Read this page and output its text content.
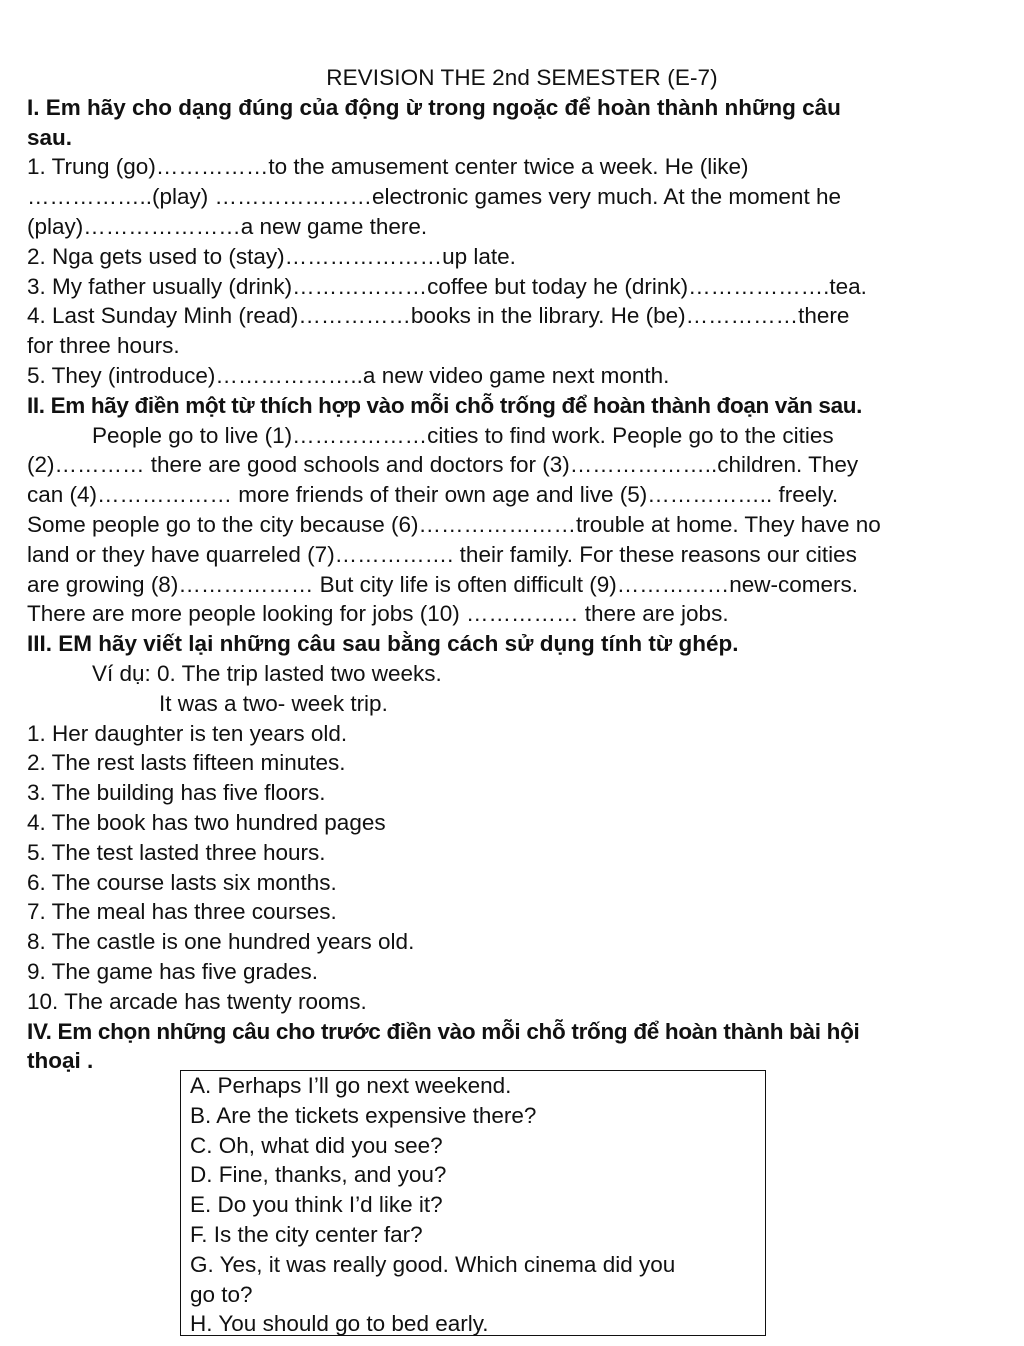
REVISION THE 2nd SEMESTER (E-7)
I. Em hãy cho dạng đúng của động ừ trong ngoặc để hoàn thành những câu
sau.
1. Trung (go)……………to the amusement center twice a week. He (like)
……………..(play) …………………electronic games very much. At the moment he
(play)…………………a new game there.
2. Nga gets used to (stay)…………………up late.
3. My father usually (drink)………………coffee but today he (drink)……………….tea.
4. Last Sunday Minh (read)……………books in the library. He (be)……………there
for three hours.
5. They (introduce)………………..a new video game next month.
II. Em hãy điền một từ thích hợp vào mỗi chỗ trống để hoàn thành đoạn văn sau.
People go to live (1)………………cities to find work. People go to the cities
(2)………… there are good schools and doctors for (3)………………..children. They
can (4)……………… more friends of their own age and live (5)…………….. freely.
Some people go to the city because (6)…………………trouble at home. They have no
land or they have quarreled (7)……………. their family. For these reasons our cities
are growing (8)……………… But city life is often difficult (9)……………new-comers.
There are more people looking for jobs (10) …………… there are jobs.
III. EM hãy viết lại những câu sau bằng cách sử dụng tính từ ghép.
Ví dụ: 0. The trip lasted two weeks.
It was a two- week trip.
1. Her daughter is ten years old.
2. The rest lasts fifteen minutes.
3. The building has five floors.
4. The book has two hundred pages
5. The test lasted three hours.
6. The course lasts six months.
7. The meal has three courses.
8. The castle is one hundred years old.
9. The game has five grades.
10. The arcade has twenty rooms.
IV. Em chọn những câu cho trước điền vào mỗi chỗ trống để hoàn thành bài hội
thoại .
A. Perhaps I’ll go next weekend.
B. Are the tickets expensive there?
C. Oh, what did you see?
D. Fine, thanks, and you?
E. Do you think I’d like it?
F. Is the city center far?
G. Yes, it was really good. Which cinema did you
go to?
H. You should go to bed early.
